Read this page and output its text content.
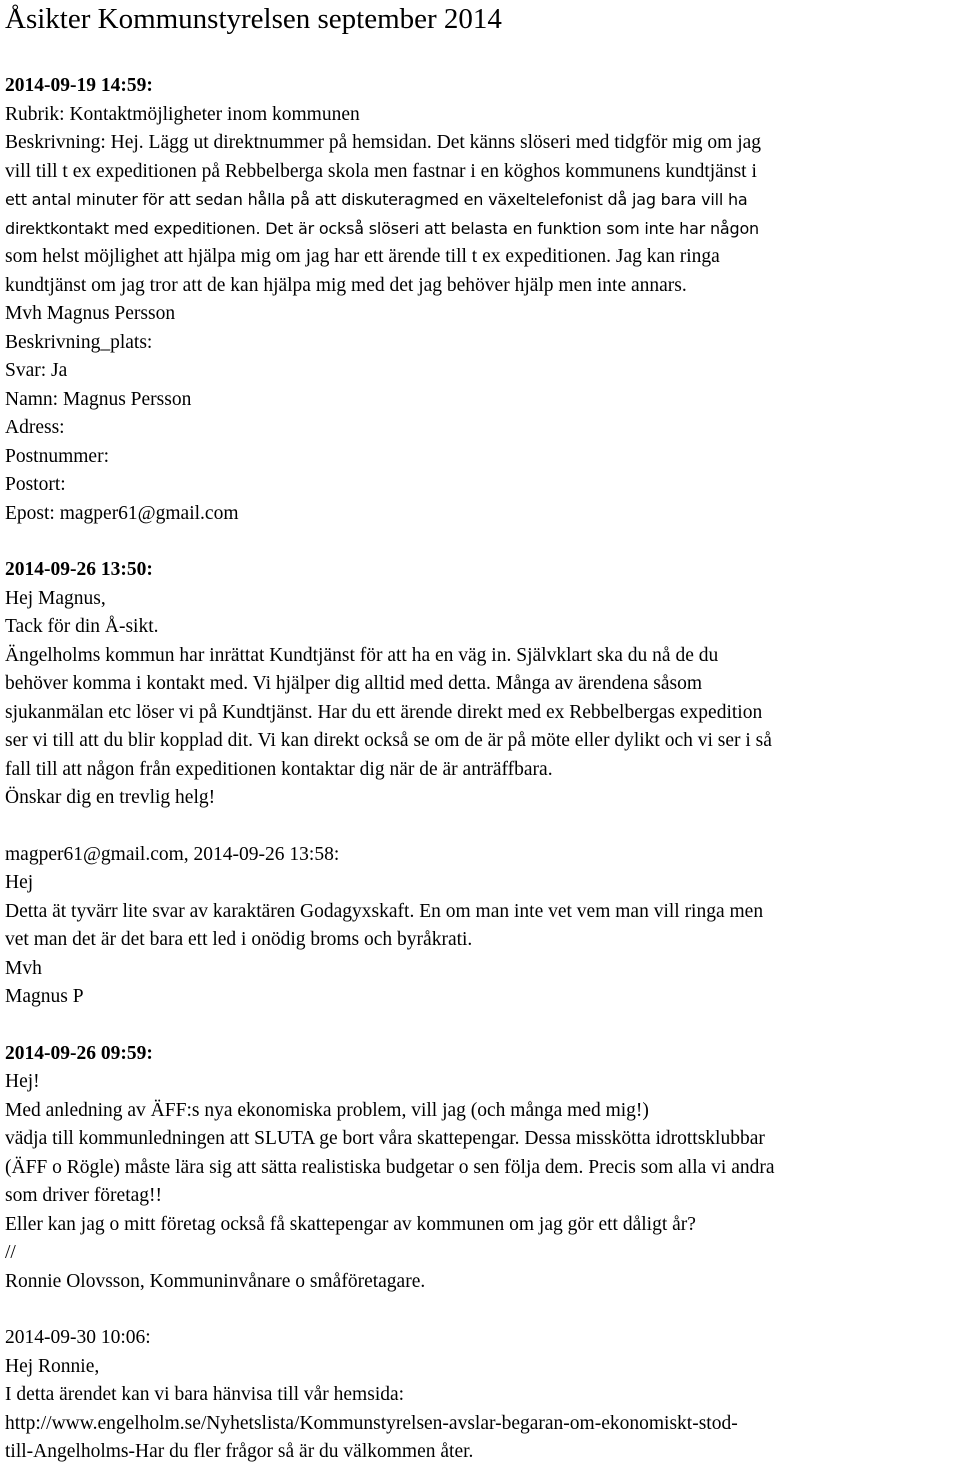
Åsikter Kommunstyrelsen september 2014

2014-09-19 14:59:

Rubrik: Kontaktmöjligheter inom kommunen

Beskrivning: Hej. Lägg ut direktnummer på hemsidan. Det känns slöseri med tidgför mig om jag

vill till t ex expeditionen på Rebbelberga skola men fastnar i en köghos kommunens kundtjänst i

ett antal minuter för att sedan hålla på att diskuteragmed en växeltelefonist då jag bara vill ha

direktkontakt med expeditionen. Det är också slöseri att belasta en funktion som inte har någon

som helst möjlighet att hjälpa mig om jag har ett ärende till t ex expeditionen. Jag kan ringa

kundtjänst om jag tror att de kan hjälpa mig med det jag behöver hjälp men inte annars.

Mvh Magnus Persson

Beskrivning_plats:

Svar: Ja

Namn: Magnus Persson

Adress:

Postnummer:

Postort:

Epost: magper61@gmail.com

2014-09-26 13:50:

Hej Magnus,

Tack för din Å-sikt.

Ängelholms kommun har inrättat Kundtjänst för att ha en väg in. Självklart ska du nå de du

behöver komma i kontakt med. Vi hjälper dig alltid med detta. Många av ärendena såsom

sjukanmälan etc löser vi på Kundtjänst. Har du ett ärende direkt med ex Rebbelbergas expedition

ser vi till att du blir kopplad dit. Vi kan direkt också se om de är på möte eller dylikt och vi ser i så

fall till att någon från expeditionen kontaktar dig när de är anträffbara.

Önskar dig en trevlig helg!

magper61@gmail.com, 2014-09-26 13:58:

Hej

Detta ät tyvärr lite svar av karaktären Godagyxskaft. En om man inte vet vem man vill ringa men

vet man det är det bara ett led i onödig broms och byråkrati.

Mvh

Magnus P

2014-09-26 09:59:

Hej!

Med anledning av ÄFF:s nya ekonomiska problem, vill jag (och många med mig!)

vädja till kommunledningen att SLUTA ge bort våra skattepengar. Dessa misskötta idrottsklubbar

(ÄFF o Rögle) måste lära sig att sätta realistiska budgetar o sen följa dem. Precis som alla vi andra

som driver företag!!

Eller kan jag o mitt företag också få skattepengar av kommunen om jag gör ett dåligt år?

//

Ronnie Olovsson, Kommuninvånare o småföretagare.

2014-09-30 10:06:

Hej Ronnie,

I detta ärendet kan vi bara hänvisa till vår hemsida:

http://www.engelholm.se/Nyhetslista/Kommunstyrelsen-avslar-begaran-om-ekonomiskt-stod-

till-Angelholms-Har du fler frågor så är du välkommen åter.
